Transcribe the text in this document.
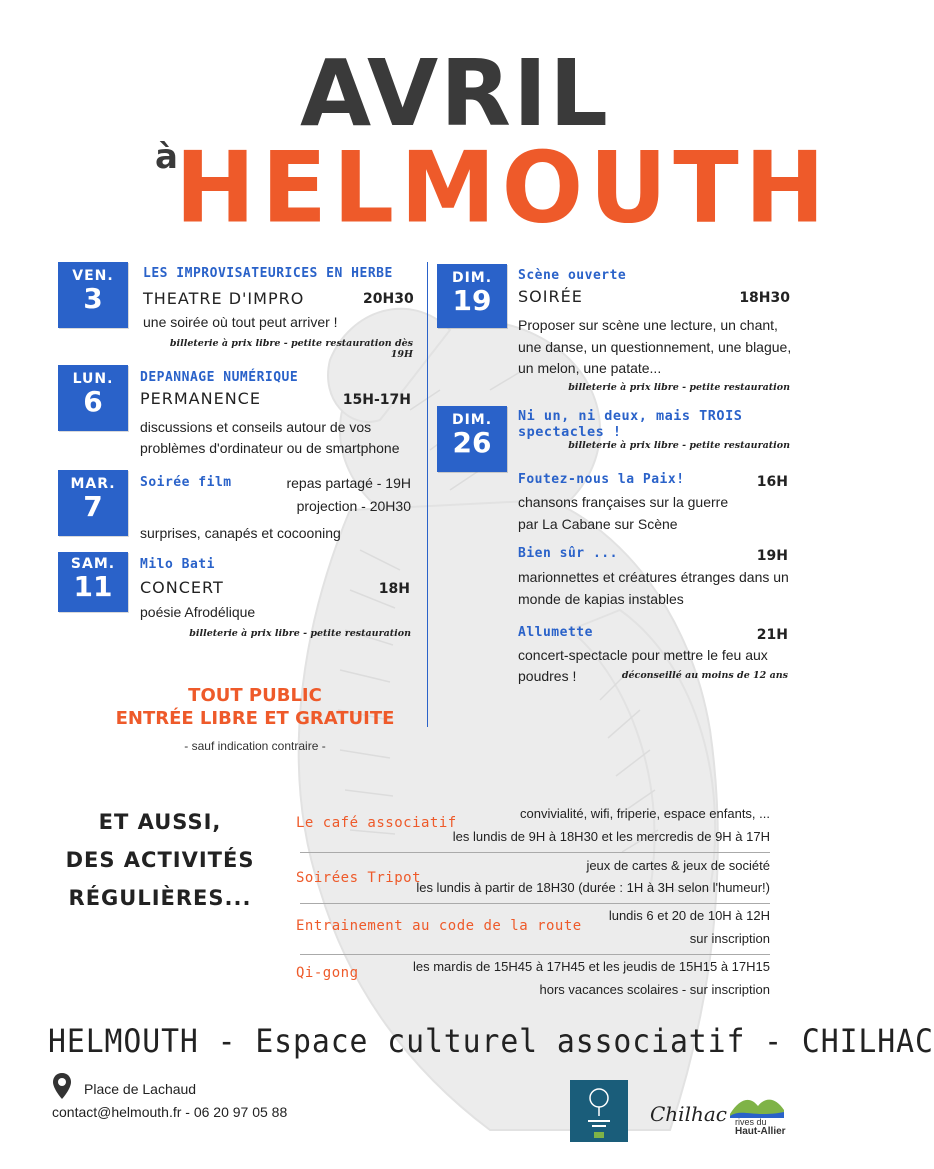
AVRIL
à
HELMOUTH
VEN.
3
LES IMPROVISATEURICES EN HERBE
THEATRE D'IMPRO	20H30
une soirée où tout peut arriver !
billeterie à prix libre - petite restauration dès 19H
LUN.
6
DEPANNAGE NUMÉRIQUE
PERMANENCE	15H-17H
discussions et conseils autour de vos
problèmes d'ordinateur ou de smartphone
MAR.
7
Soirée film	repas partagé - 19H
projection - 20H30
surprises, canapés et cocooning
SAM.
11
Milo Bati
CONCERT	18H
poésie Afrodélique
billeterie à prix libre - petite restauration
DIM.
19
Scène ouverte
SOIRÉE	18H30
Proposer sur scène une lecture, un chant,
une danse, un questionnement, une blague,
un melon, une patate...
billeterie à prix libre - petite restauration
DIM.
26
Ni un, ni deux, mais TROIS spectacles !
billeterie à prix libre - petite restauration
Foutez-nous la Paix!	16H
chansons françaises sur la guerre
par La Cabane sur Scène
Bien sûr ...	19H
marionnettes et créatures étranges dans un
monde de kapias instables
Allumette	21H
concert-spectacle pour mettre le feu aux
poudres !	déconseillé au moins de 12 ans
TOUT PUBLIC
ENTRÉE LIBRE ET GRATUITE
- sauf indication contraire -
ET AUSSI,
DES ACTIVITÉS
RÉGULIÈRES...
Le café associatif
convivialité, wifi, friperie, espace enfants, ...
les lundis de 9H à 18H30 et les mercredis de 9H à 17H
Soirées Tripot
jeux de cartes & jeux de société
les lundis à partir de 18H30 (durée : 1H à 3H selon l'humeur!)
Entrainement au code de la route
lundis 6 et 20 de 10H à 12H
sur inscription
Qi-gong	les mardis de 15H45 à 17H45 et les jeudis de 15H15 à 17H15
hors vacances scolaires - sur inscription
HELMOUTH - Espace culturel associatif - CHILHAC
Place de Lachaud
contact@helmouth.fr - 06 20 97 05 88	Chilhac rives du
Haut-Allier
